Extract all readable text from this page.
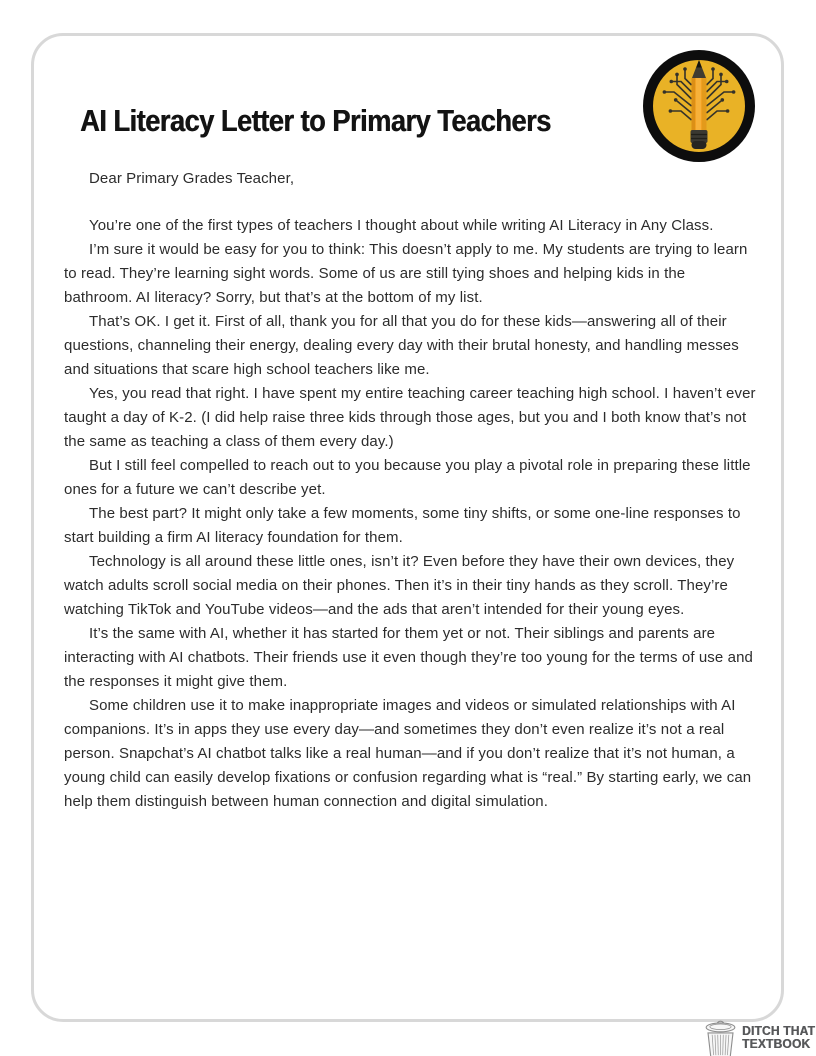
AI Literacy Letter to Primary Teachers

Dear Primary Grades Teacher,

You’re one of the first types of teachers I thought about while writing AI Literacy in Any Class.

I’m sure it would be easy for you to think: This doesn’t apply to me. My students are trying to learn to read. They’re learning sight words. Some of us are still tying shoes and helping kids in the bathroom. AI literacy? Sorry, but that’s at the bottom of my list.

That’s OK. I get it. First of all, thank you for all that you do for these kids—answering all of their questions, channeling their energy, dealing every day with their brutal honesty, and handling messes and situations that scare high school teachers like me.

Yes, you read that right. I have spent my entire teaching career teaching high school. I haven’t ever taught a day of K-2. (I did help raise three kids through those ages, but you and I both know that’s not the same as teaching a class of them every day.)

But I still feel compelled to reach out to you because you play a pivotal role in preparing these little ones for a future we can’t describe yet.

The best part? It might only take a few moments, some tiny shifts, or some one-line responses to start building a firm AI literacy foundation for them.

Technology is all around these little ones, isn’t it? Even before they have their own devices, they watch adults scroll social media on their phones. Then it’s in their tiny hands as they scroll. They’re watching TikTok and YouTube videos—and the ads that aren’t intended for their young eyes.

It’s the same with AI, whether it has started for them yet or not. Their siblings and parents are interacting with AI chatbots. Their friends use it even though they’re too young for the terms of use and the responses it might give them.

Some children use it to make inappropriate images and videos or simulated relationships with AI companions. It’s in apps they use every day—and sometimes they don’t even realize it’s not a real person. Snapchat’s AI chatbot talks like a real human—and if you don’t realize that it’s not human, a young child can easily develop fixations or confusion regarding what is “real.” By starting early, we can help them distinguish between human connection and digital simulation.

DITCH THAT
TEXTBOOK
